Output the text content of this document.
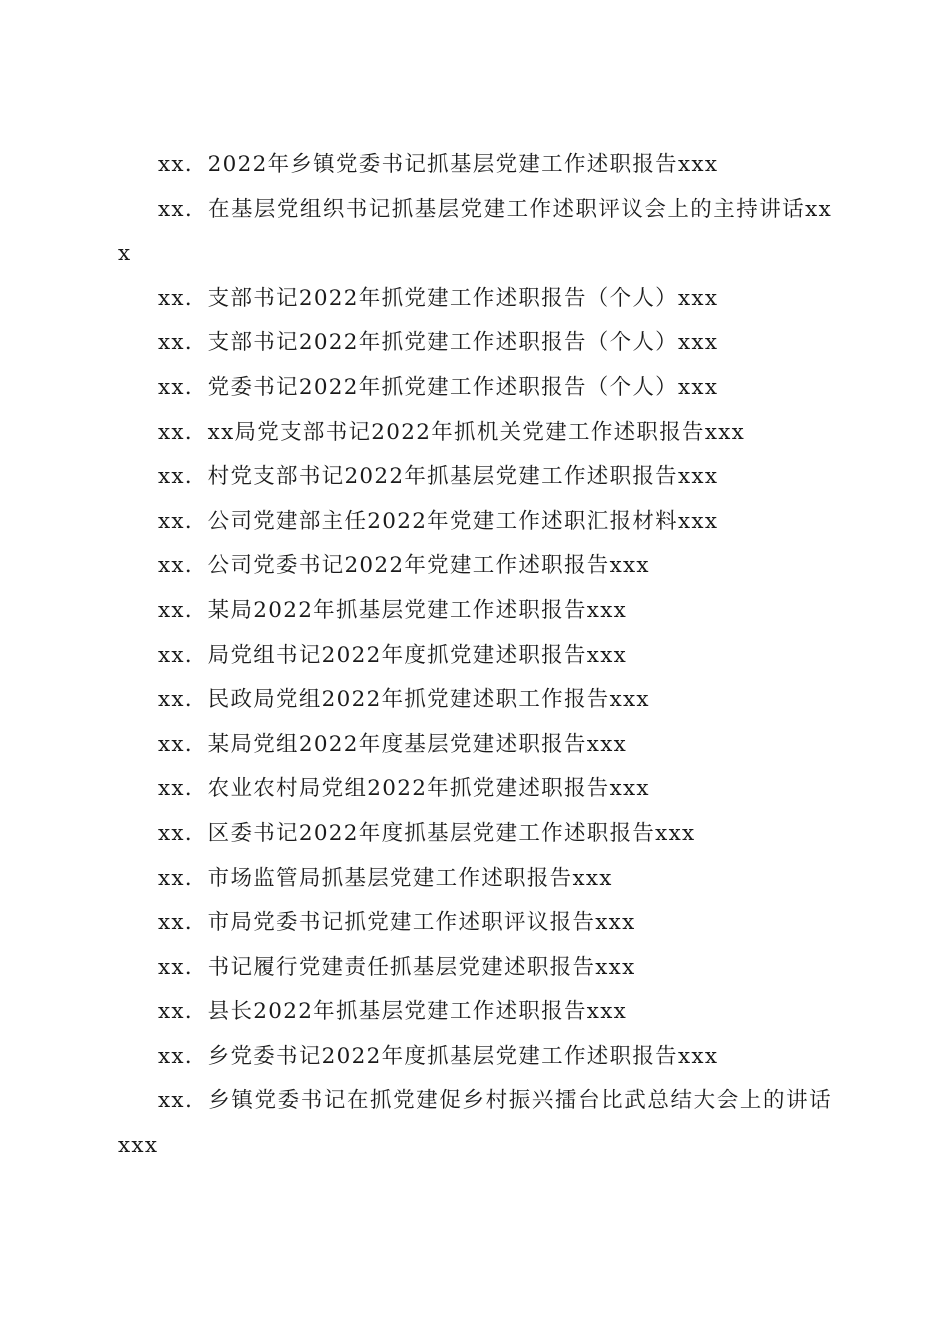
xx．2022年乡镇党委书记抓基层党建工作述职报告xxx
xx．在基层党组织书记抓基层党建工作述职评议会上的主持讲话xxx
xx．支部书记2022年抓党建工作述职报告（个人）xxx
xx．支部书记2022年抓党建工作述职报告（个人）xxx
xx．党委书记2022年抓党建工作述职报告（个人）xxx
xx．xx局党支部书记2022年抓机关党建工作述职报告xxx
xx．村党支部书记2022年抓基层党建工作述职报告xxx
xx．公司党建部主任2022年党建工作述职汇报材料xxx
xx．公司党委书记2022年党建工作述职报告xxx
xx．某局2022年抓基层党建工作述职报告xxx
xx．局党组书记2022年度抓党建述职报告xxx
xx．民政局党组2022年抓党建述职工作报告xxx
xx．某局党组2022年度基层党建述职报告xxx
xx．农业农村局党组2022年抓党建述职报告xxx
xx．区委书记2022年度抓基层党建工作述职报告xxx
xx．市场监管局抓基层党建工作述职报告xxx
xx．市局党委书记抓党建工作述职评议报告xxx
xx．书记履行党建责任抓基层党建述职报告xxx
xx．县长2022年抓基层党建工作述职报告xxx
xx．乡党委书记2022年度抓基层党建工作述职报告xxx
xx．乡镇党委书记在抓党建促乡村振兴擂台比武总结大会上的讲话xxx
